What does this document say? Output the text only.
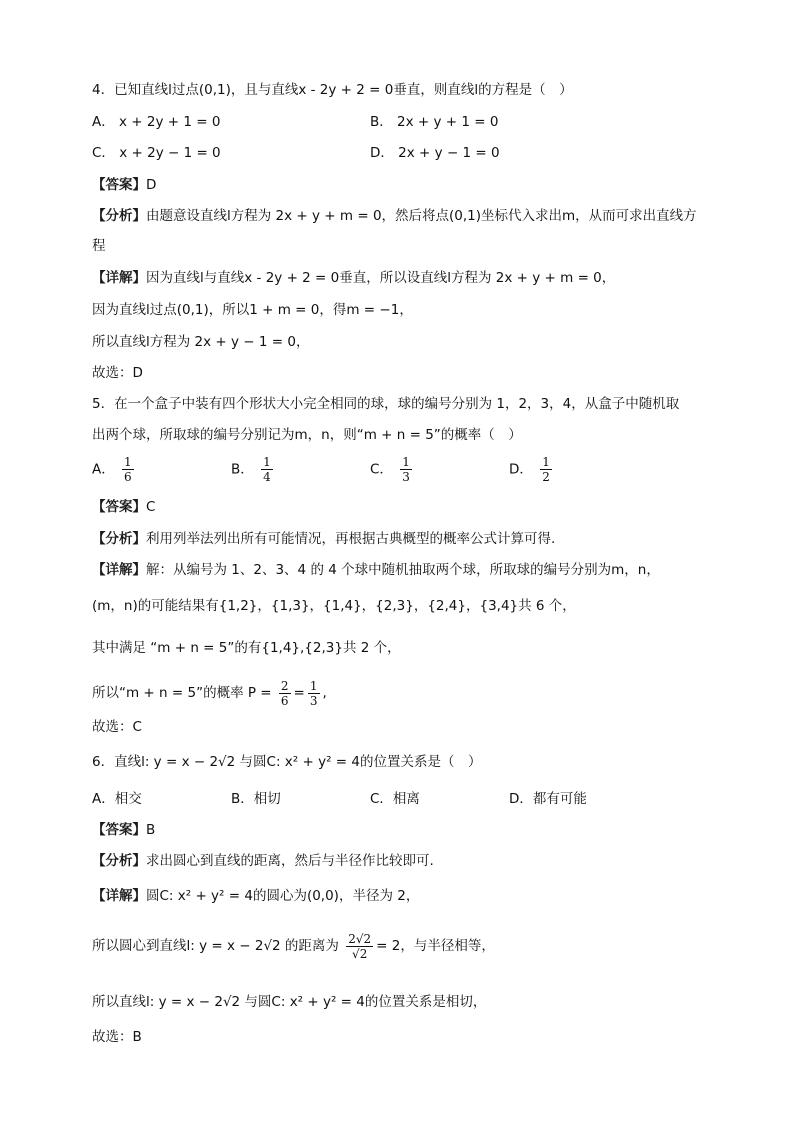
4．已知直线l过点(0,1)，且与直线x - 2y + 2 = 0垂直，则直线l的方程是（　）
A． x + 2y + 1 = 0	B． 2x + y + 1 = 0
C． x + 2y − 1 = 0	D． 2x + y − 1 = 0
【答案】D
【分析】由题意设直线l方程为 2x + y + m = 0，然后将点(0,1)坐标代入求出m，从而可求出直线方
程
【详解】因为直线l与直线x - 2y + 2 = 0垂直，所以设直线l方程为 2x + y + m = 0，
因为直线l过点(0,1)，所以1 + m = 0，得m = −1，
所以直线l方程为 2x + y − 1 = 0，
故选：D
5．在一个盒子中装有四个形状大小完全相同的球，球的编号分别为 1，2，3，4，从盒子中随机取
出两个球，所取球的编号分别记为m，n，则“m + n = 5”的概率（　）
A． $\frac{1}{6}$	B． $\frac{1}{4}$	C． $\frac{1}{3}$	D． $\frac{1}{2}$
【答案】C
【分析】利用列举法列出所有可能情况，再根据古典概型的概率公式计算可得.
【详解】解：从编号为 1、2、3、4 的 4 个球中随机抽取两个球，所取球的编号分别为m，n，
(m，n)的可能结果有{1,2}，{1,3}，{1,4}，{2,3}，{2,4}，{3,4}共 6 个，
其中满足 “m + n = 5”的有{1,4},{2,3}共 2 个，
所以“m + n = 5”的概率 $P = \frac{2}{6} = \frac{1}{3}$ ,
故选：C
6．直线l: y = x − 2√2 与圆C: x² + y² = 4的位置关系是（　）
A．相交	B．相切	C．相离	D．都有可能
【答案】B
【分析】求出圆心到直线的距离，然后与半径作比较即可.
【详解】圆C: x² + y² = 4的圆心为(0,0)，半径为 2，
所以圆心到直线l: y = x − 2√2 的距离为 $\frac{2√2}{√2} = 2$，与半径相等，
所以直线l: y = x − 2√2 与圆C: x² + y² = 4的位置关系是相切，
故选：B
